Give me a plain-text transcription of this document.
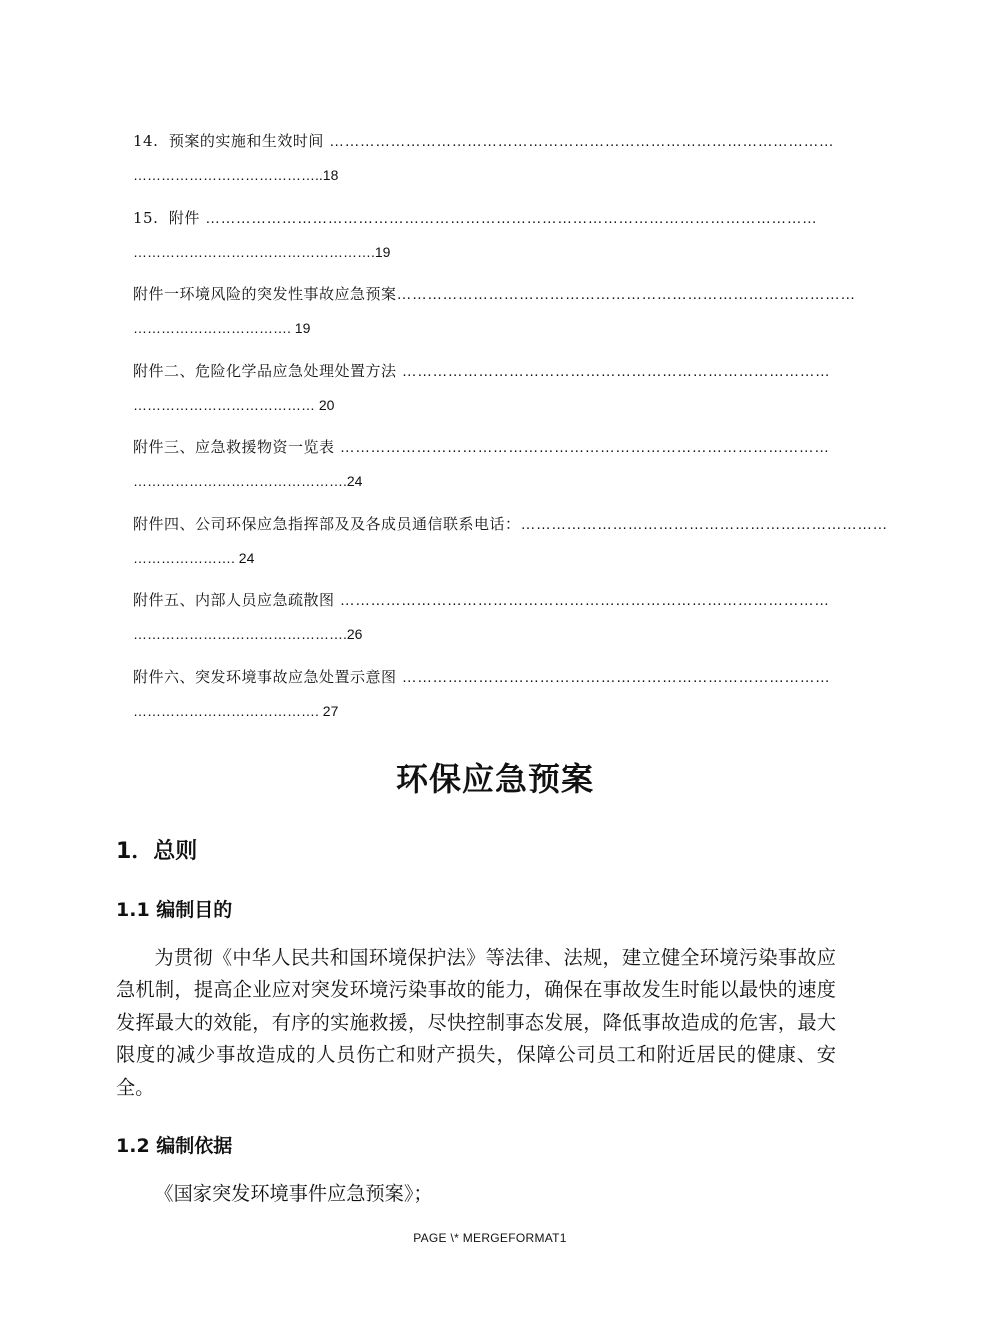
14.  预案的实施和生效时间 ………………………………………………………………………………………
…………………………………..18
15.  附件 …………………………………………………………………………………………………………
…………………………………………….19
附件一环境风险的突发性事故应急预案………………………………………………………………………………
……………………………. 19
附件二、危险化学品应急处理处置方法 …………………………………………………………………………
………………………………… 20
附件三、应急救援物资一览表 ……………………………………………………………………………………
……………………………………….24
附件四、公司环保应急指挥部及及各成员通信联系电话：………………………………………………………………
…………………. 24
附件五、内部人员应急疏散图 ……………………………………………………………………………………
……………………………………….26
附件六、突发环境事故应急处置示意图 …………………………………………………………………………
…………………………………. 27
环保应急预案
1．总则
1.1 编制目的
为贯彻《中华人民共和国环境保护法》等法律、法规，建立健全环境污染事故应急机制，提高企业应对突发环境污染事故的能力，确保在事故发生时能以最快的速度发挥最大的效能，有序的实施救援，尽快控制事态发展，降低事故造成的危害，最大限度的减少事故造成的人员伤亡和财产损失，保障公司员工和附近居民的健康、安全。
1.2 编制依据
《国家突发环境事件应急预案》；
PAGE \* MERGEFORMAT1
